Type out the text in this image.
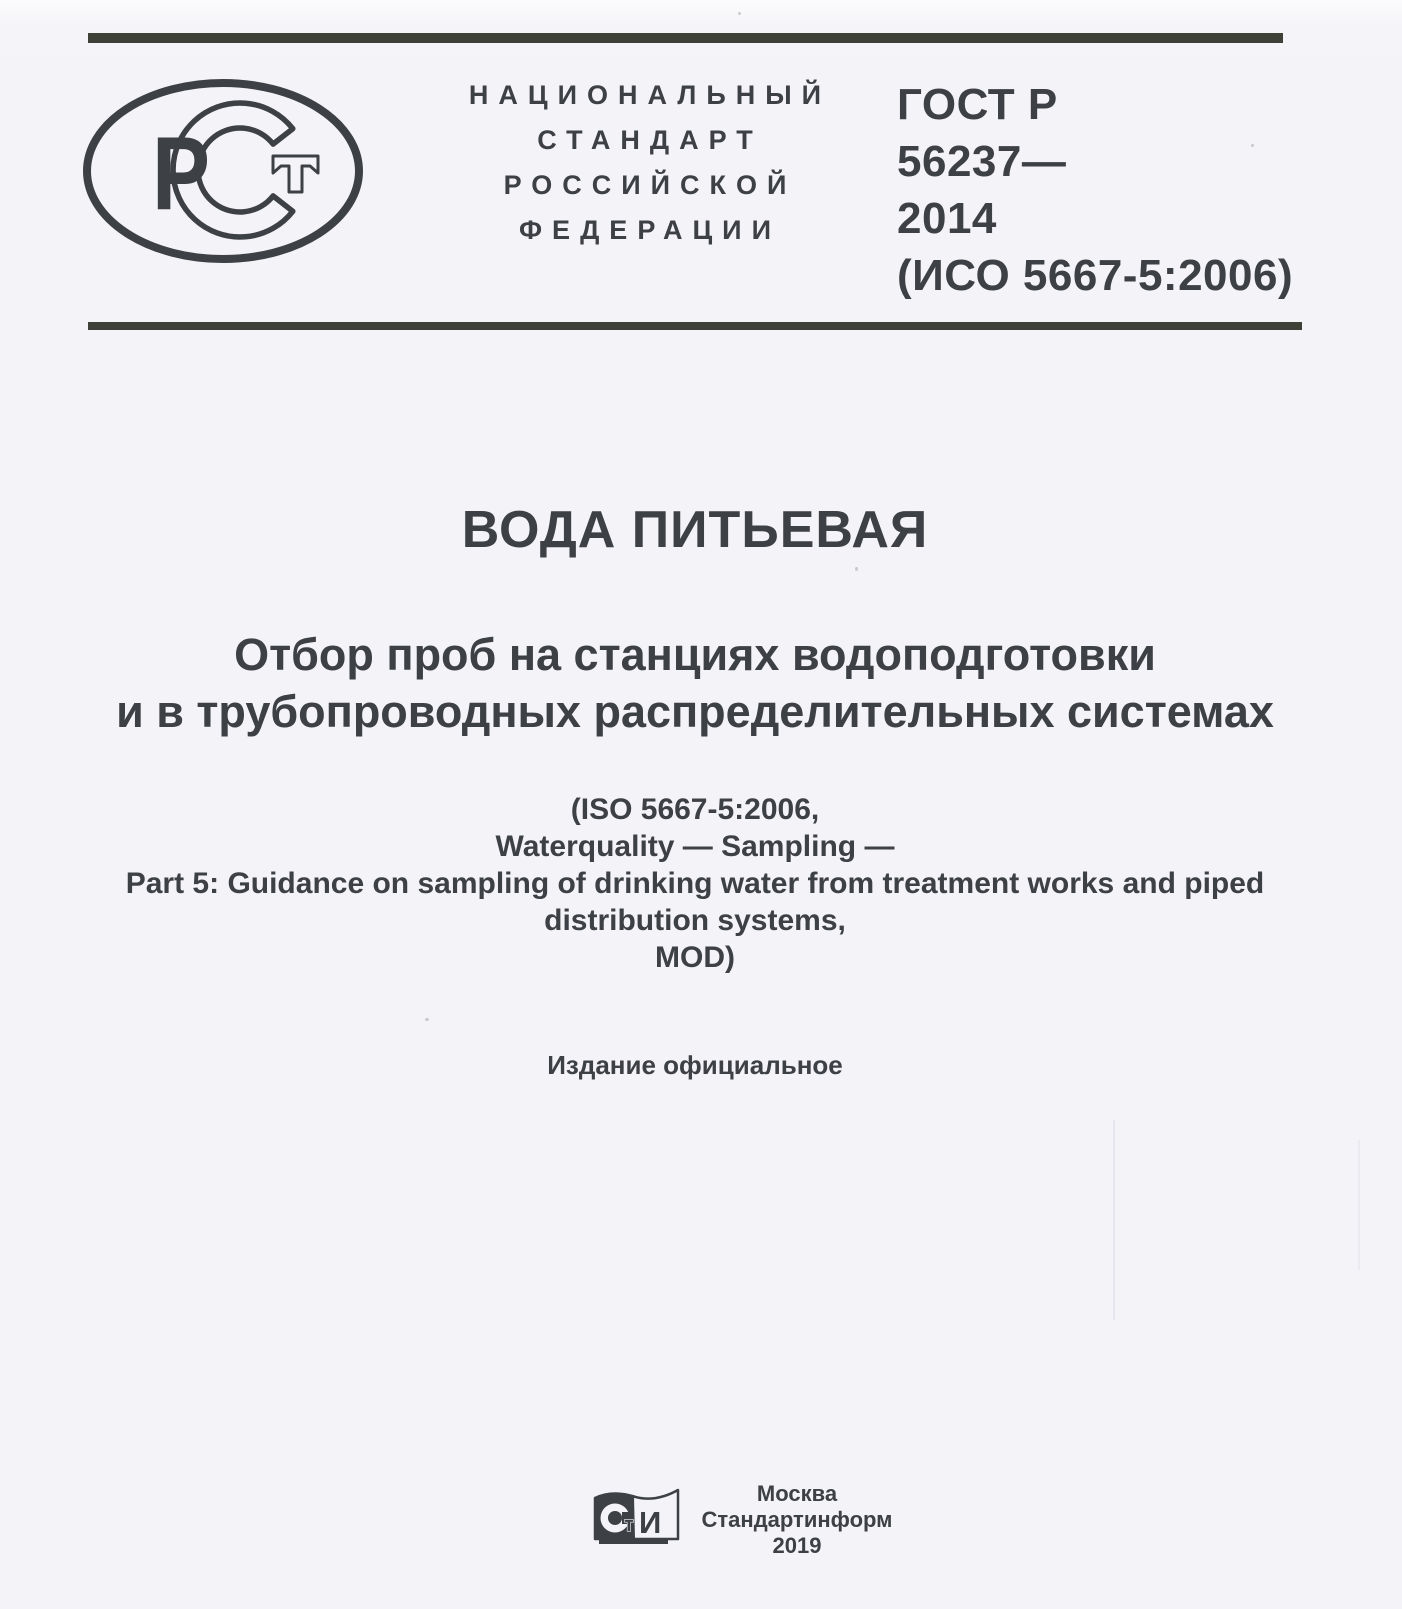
Р
НАЦИОНАЛЬНЫЙ
СТАНДАРТ
РОССИЙСКОЙ
ФЕДЕРАЦИИ
ГОСТ Р
56237—
2014
(ИСО 5667-5:2006)
ВОДА ПИТЬЕВАЯ
Отбор проб на станциях водоподготовки
и в трубопроводных распределительных системах
(ISO 5667-5:2006,
Waterquality — Sampling —
Part 5: Guidance on sampling of drinking water from treatment works and piped
distribution systems,
MOD)
Издание официальное
т И
Москва
Стандартинформ
2019
